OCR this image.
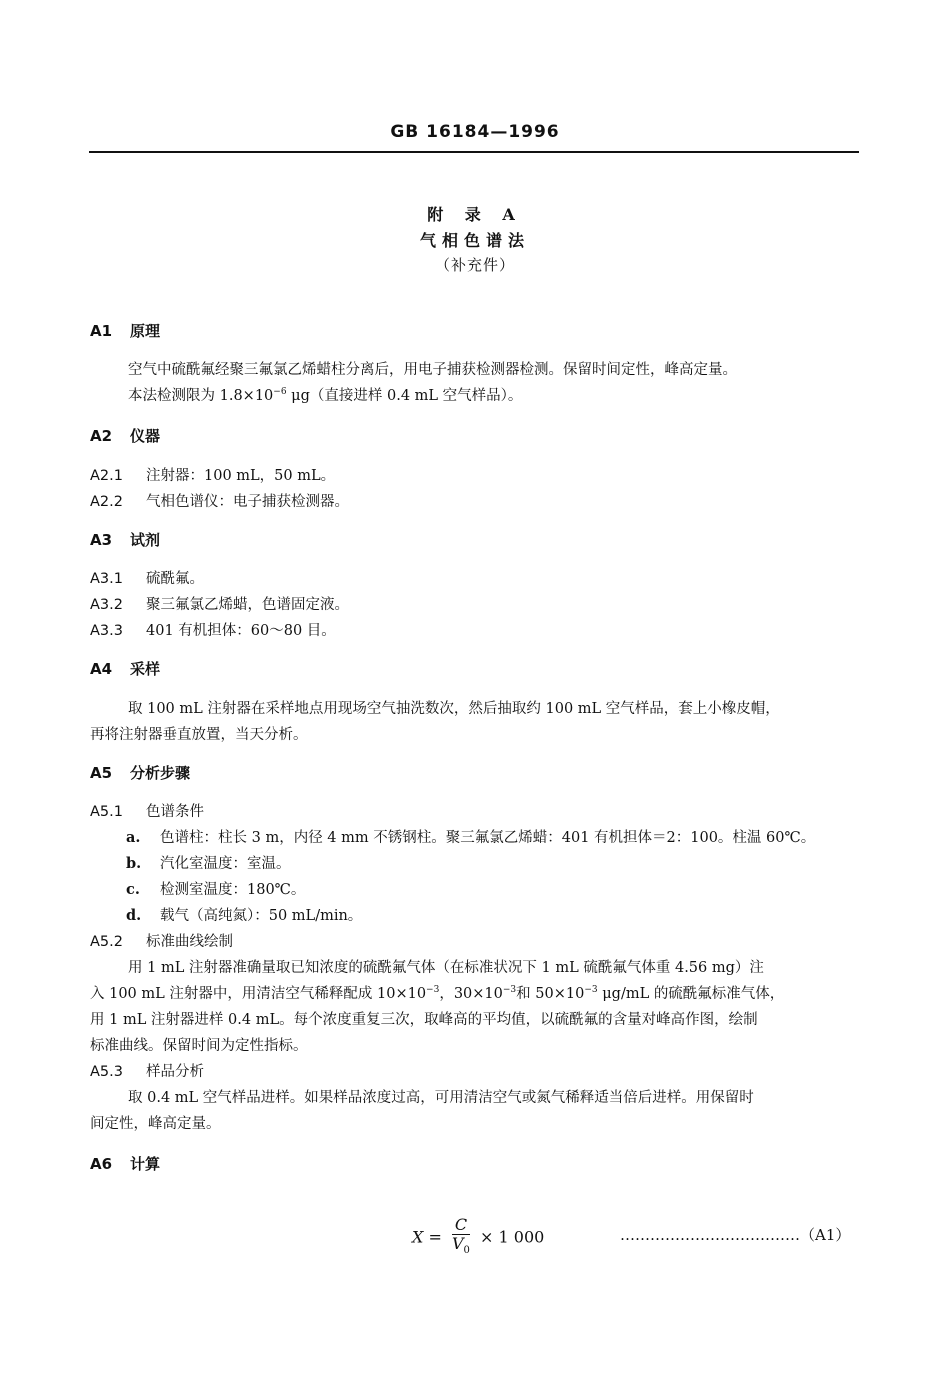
GB 16184—1996
附 录 A
气相色谱法
（补充件）
A1 原理
空气中硫酰氟经聚三氟氯乙烯蜡柱分离后，用电子捕获检测器检测。保留时间定性，峰高定量。
本法检测限为 $1.8\times 10^{-6}$ μg（直接进样 0.4 mL 空气样品）。
A2 仪器
A2.1 注射器：100 mL，50 mL。
A2.2 气相色谱仪：电子捕获检测器。
A3 试剂
A3.1 硫酰氟。
A3.2 聚三氟氯乙烯蜡，色谱固定液。
A3.3 401 有机担体：60～80 目。
A4 采样
取 100 mL 注射器在采样地点用现场空气抽洗数次，然后抽取约 100 mL 空气样品，套上小橡皮帽，
再将注射器垂直放置，当天分析。
A5 分析步骤
A5.1 色谱条件
a. 色谱柱：柱长 3 m，内径 4 mm 不锈钢柱。聚三氟氯乙烯蜡：401 有机担体＝2：100。柱温 60℃。
b. 汽化室温度：室温。
c. 检测室温度：180℃。
d. 载气（高纯氮）：50 mL/min。
A5.2 标准曲线绘制
用 1 mL 注射器准确量取已知浓度的硫酰氟气体（在标准状况下 1 mL 硫酰氟气体重 4.56 mg）注
入 100 mL 注射器中，用清洁空气稀释配成 $10\times 10^{-3}$，$30\times 10^{-3}$和 $50\times 10^{-3}$ μg/mL 的硫酰氟标准气体，
用 1 mL 注射器进样 0.4 mL。每个浓度重复三次，取峰高的平均值，以硫酰氟的含量对峰高作图，绘制
标准曲线。保留时间为定性指标。
A5.3 样品分析
取 0.4 mL 空气样品进样。如果样品浓度过高，可用清洁空气或氮气稀释适当倍后进样。用保留时
间定性，峰高定量。
A6 计算
$X = \frac{C}{V_0} \times 1$ 000	………………………………（A1）
